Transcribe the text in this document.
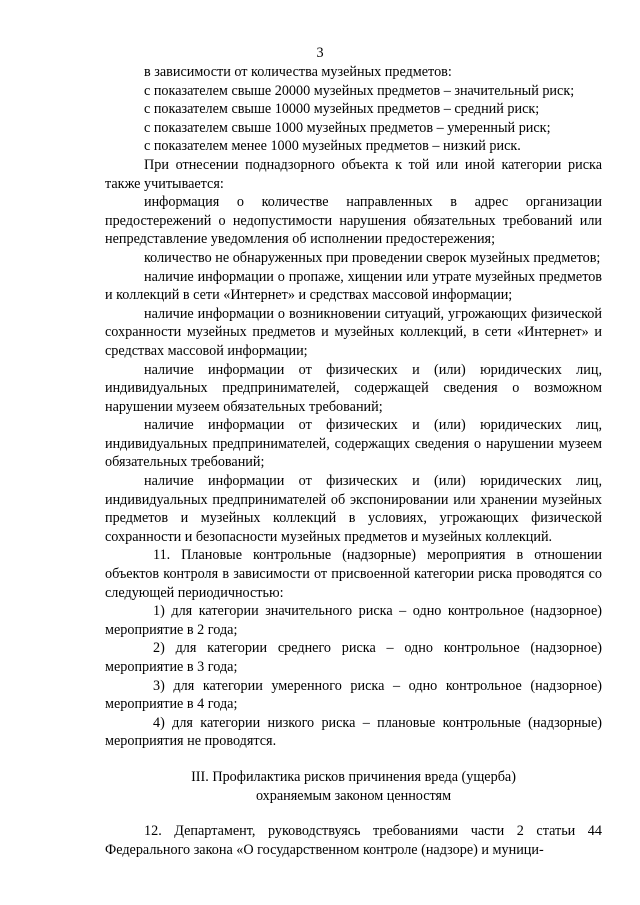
3

в зависимости от количества музейных предметов:

с показателем свыше 20000 музейных предметов – значительный риск;

с показателем свыше 10000 музейных предметов – средний риск;

с показателем свыше 1000 музейных предметов – умеренный риск;

с показателем менее 1000 музейных предметов – низкий риск.

При отнесении поднадзорного объекта к той или иной категории риска также учитывается:

информация о количестве направленных в адрес организации предостережений о недопустимости нарушения обязательных требований или непредставление уведомления об исполнении предостережения;

количество не обнаруженных при проведении сверок музейных предметов;

наличие информации о пропаже, хищении или утрате музейных предметов и коллекций в сети «Интернет» и средствах массовой информации;

наличие информации о возникновении ситуаций, угрожающих физической сохранности музейных предметов и музейных коллекций, в сети «Интернет» и средствах массовой информации;

наличие информации от физических и (или) юридических лиц, индивидуальных предпринимателей, содержащей сведения о возможном нарушении музеем обязательных требований;

наличие информации от физических и (или) юридических лиц, индивидуальных предпринимателей, содержащих сведения о нарушении музеем обязательных требований;

наличие информации от физических и (или) юридических лиц, индивидуальных предпринимателей об экспонировании или хранении музейных предметов и музейных коллекций в условиях, угрожающих физической сохранности и безопасности музейных предметов и музейных коллекций.

11. Плановые контрольные (надзорные) мероприятия в отношении объектов контроля в зависимости от присвоенной категории риска проводятся со следующей периодичностью:

1) для категории значительного риска – одно контрольное (надзорное) мероприятие в 2 года;

2) для категории среднего риска – одно контрольное (надзорное) мероприятие в 3 года;

3) для категории умеренного риска – одно контрольное (надзорное) мероприятие в 4 года;

4) для категории низкого риска – плановые контрольные (надзорные) мероприятия не проводятся.

III. Профилактика рисков причинения вреда (ущерба)

охраняемым законом ценностям

12. Департамент, руководствуясь требованиями части 2 статьи 44 Федерального закона «О государственном контроле (надзоре) и муници-
